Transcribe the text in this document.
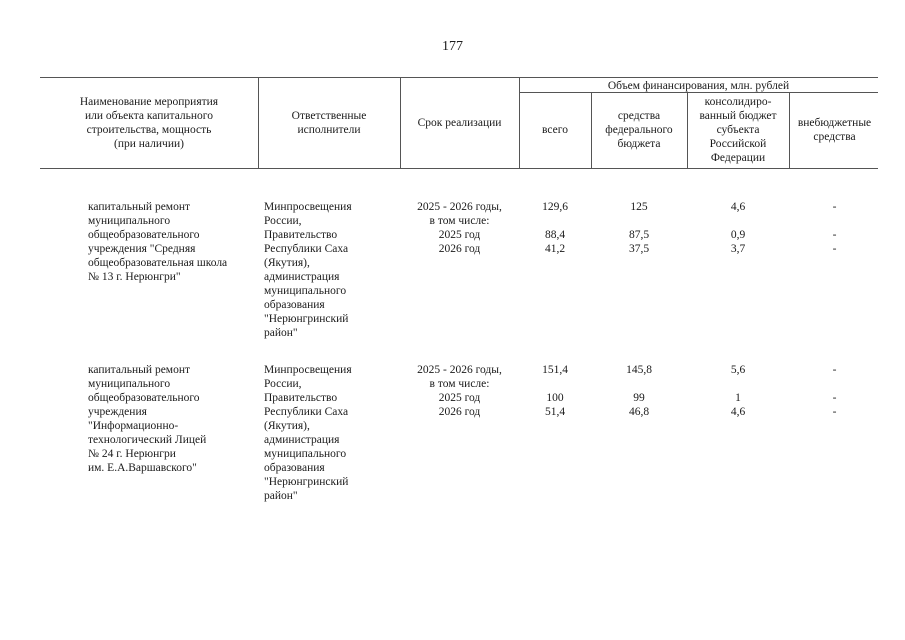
177
Наименование мероприятия
или объекта капитального
строительства, мощность
(при наличии)
Ответственные
исполнители
Срок реализации
Объем финансирования, млн. рублей
всего
средства
федерального
бюджета
консолидиро-
ванный бюджет
субъекта
Российской
Федерации
внебюджетные
средства
капитальный ремонт
муниципального
общеобразовательного
учреждения "Средняя
общеобразовательная школа
№ 13 г. Нерюнгри"
Минпросвещения
России,
Правительство
Республики Саха
(Якутия),
администрация
муниципального
образования
"Нерюнгринский
район"
2025 - 2026 годы,
в том числе:
2025 год
2026 год
129,6

88,4
41,2
125

87,5
37,5
4,6

0,9
3,7
-

-
-
капитальный ремонт
муниципального
общеобразовательного
учреждения
"Информационно-
технологический Лицей
№ 24 г. Нерюнгри
им. Е.А.Варшавского"
Минпросвещения
России,
Правительство
Республики Саха
(Якутия),
администрация
муниципального
образования
"Нерюнгринский
район"
2025 - 2026 годы,
в том числе:
2025 год
2026 год
151,4

100
51,4
145,8

99
46,8
5,6

1
4,6
-

-
-
